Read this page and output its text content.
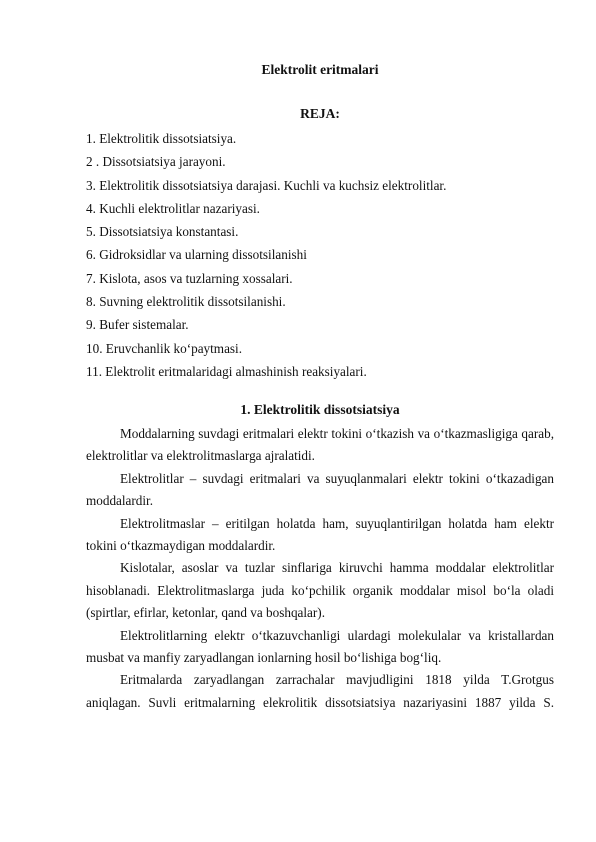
Elektrolit eritmalari
REJA:
1. Elektrolitik dissotsiatsiya.
2 . Dissotsiatsiya jarayoni.
3. Elektrolitik dissotsiatsiya darajasi. Kuchli va kuchsiz elektrolitlar.
4. Kuchli elektrolitlar nazariyasi.
5. Dissotsiatsiya konstantasi.
6. Gidroksidlar va ularning dissotsilanishi
7. Kislota, asos va tuzlarning xossalari.
8. Suvning elektrolitik dissotsilanishi.
9. Bufer sistemalar.
10. Eruvchanlik ko‘paytmasi.
11. Elektrolit eritmalaridagi almashinish reaksiyalari.
1. Elektrolitik dissotsiatsiya

Moddalarning suvdagi eritmalari elektr tokini o‘tkazish va o‘tkazmasligiga qarab, elektrolitlar va elektrolitmaslarga ajralatidi.

Elektrolitlar – suvdagi eritmalari va suyuqlanmalari elektr tokini o‘tkazadigan moddalardir.

Elektrolitmaslar – eritilgan holatda ham, suyuqlantirilgan holatda ham elektr tokini o‘tkazmaydigan moddalardir.

Kislotalar, asoslar va tuzlar sinflariga kiruvchi hamma moddalar elektrolitlar hisoblanadi. Elektrolitmaslarga juda ko‘pchilik organik moddalar misol bo‘la oladi (spirtlar, efirlar, ketonlar, qand va boshqalar).

Elektrolitlarning elektr o‘tkazuvchanligi ulardagi molekulalar va kristallardan musbat va manfiy zaryadlangan ionlarning hosil bo‘lishiga bog‘liq.

Eritmalarda zaryadlangan zarrachalar mavjudligini 1818 yilda T.Grotgus aniqlagan. Suvli eritmalarning elekrolitik dissotsiatsiya nazariyasini 1887 yilda S.
